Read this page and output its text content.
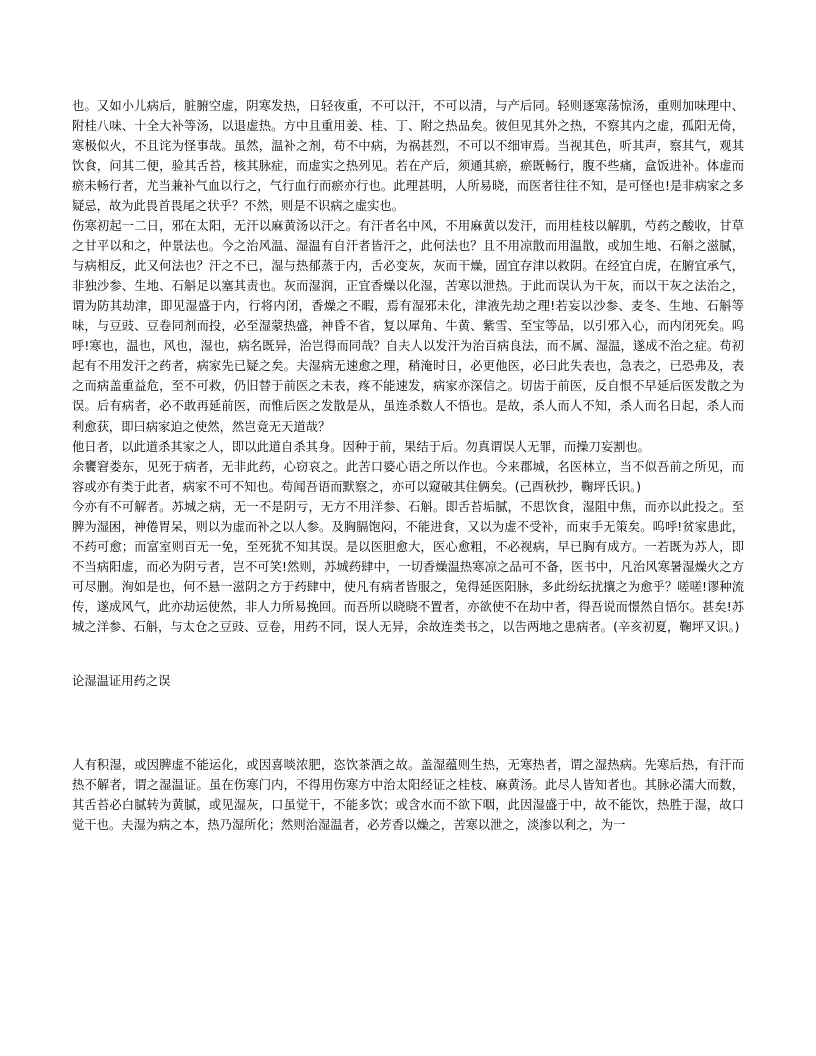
也。又如小儿病后，脏腑空虚，阴寒发热，日轻夜重，不可以汗，不可以清，与产后同。轻则逐寒荡惊汤，重则加味理中、附桂八味、十全大补等汤，以退虚热。方中且重用姜、桂、丁、附之热品矣。彼但见其外之热，不察其内之虚，孤阳无倚，寒极似火，不且诧为怪事哉。虽然，温补之剂，苟不中病，为祸甚烈，不可以不细审焉。当视其色，听其声，察其气，观其饮食，问其二便，验其舌苔，核其脉症，而虚实之热列见。若在产后，须通其瘀，瘀既畅行，腹不些痛，盒饭进补。体虚而瘀未畅行者，尤当兼补气血以行之，气行血行而瘀亦行也。此理甚明，人所易晓，而医者往往不知，是可怪也!是非病家之多疑忌，故为此畏首畏尾之状乎？不然，则是不识病之虚实也。

伤寒初起一二日，邪在太阳，无汗以麻黄汤以汗之。有汗者名中风，不用麻黄以发汗，而用桂枝以解肌，芍药之酸收，甘草之甘平以和之，仲景法也。今之治风温、湿温有自汗者皆汗之，此何法也？且不用凉散而用温散，或加生地、石斛之滋腻，与病相反，此又何法也？汗之不已，湿与热郁蒸于内，舌必变灰，灰而干燥，固宜存津以救阴。在经宜白虎，在腑宜承气，非独沙参、生地、石斛足以塞其责也。灰而湿润，正宜香燥以化湿，苦寒以泄热。于此而误认为干灰，而以干灰之法治之，谓为防其劫津，即见湿盛于内，行将内闭，香燥之不暇，焉有湿邪未化，津液先劫之理!若妄以沙参、麦冬、生地、石斛等味，与豆豉、豆卷同剂而投，必至湿蒙热盛，神昏不省，复以犀角、牛黄、紫雪、至宝等品，以引邪入心，而内闭死矣。呜呼!寒也，温也，风也，湿也，病名既异，治岂得而同哉？自夫人以发汗为治百病良法，而不属、湿温，遂成不治之症。苟初起有不用发汗之药者，病家先已疑之矣。夫湿病无速愈之理，稍淹时日，必更他医，必曰此失表也，急表之，已恐弗及，表之而病盖重益危，至不可救，仍旧替于前医之未表，疼不能速发，病家亦深信之。切齿于前医，反自恨不早延后医发散之为误。后有病者，必不敢再延前医，而惟后医之发散是从，虽连杀数人不悟也。是故，杀人而人不知，杀人而名日起，杀人而利愈获，即曰病家迫之使然，然岂竟无天道哉？

他日者，以此道杀其家之人，即以此道自杀其身。因种于前，果结于后。勿真谓误人无罪，而操刀妄割也。

余饔窘娄东，见死于病者，无非此药，心窃哀之。此苦口婆心语之所以作也。今来郡城，名医林立，当不似吾前之所见，而容或亦有类于此者，病家不可不知也。苟闻吾语而默察之，亦可以窥破其住俩矣。(己酉秋抄，鞠坪氏识。)

今亦有不可解者。苏城之病，无一不是阴亏，无方不用洋参、石斛。即舌苔垢腻，不思饮食，湿阻中焦，而亦以此投之。至脾为湿困，神倦胃呆，则以为虚而补之以人参。及胸膈饱闷，不能进食，又以为虚不受补，而束手无策矣。呜呼!贫家患此，不药可愈；而富室则百无一免，至死犹不知其误。是以医胆愈大，医心愈粗，不必视病，早已胸有成方。一若既为苏人，即不当病阳虚，而必为阴亏者，岂不可笑!然则，苏城药肆中，一切香燥温热寒凉之品可不备，医书中，凡治风寒暑湿燥火之方可尽删。洵如是也，何不悬一滋阴之方于药肆中，使凡有病者皆服之，兔得延医阳脉，多此纷纭扰攘之为愈乎？嗟嗟!谬种流传，遂成风气，此亦劫运使然，非人力所易挽回。而吾所以晓晓不置者，亦欲使不在劫中者，得吾说而憬然自悟尔。甚矣!苏城之洋参、石斛，与太仓之豆豉、豆卷，用药不同，误人无异，余故连类书之，以告两地之患病者。(辛亥初夏，鞠坪又识。)

论湿温证用药之误

人有积湿，或因脾虚不能运化，或因喜啖浓肥，恣饮茶酒之故。盖湿蕴则生热，无寒热者，谓之湿热病。先寒后热，有汗而热不解者，谓之湿温证。虽在伤寒门内，不得用伤寒方中治太阳经证之桂枝、麻黄汤。此尽人皆知者也。其脉必濡大而数，其舌苔必白腻转为黄腻，或见湿灰，口虽觉干，不能多饮；或含水而不欲下咽，此因湿盛于中，故不能饮，热胜于湿，故口觉干也。夫湿为病之本，热乃湿所化；然则治湿温者，必芳香以燥之，苦寒以泄之，淡渗以利之，为一
